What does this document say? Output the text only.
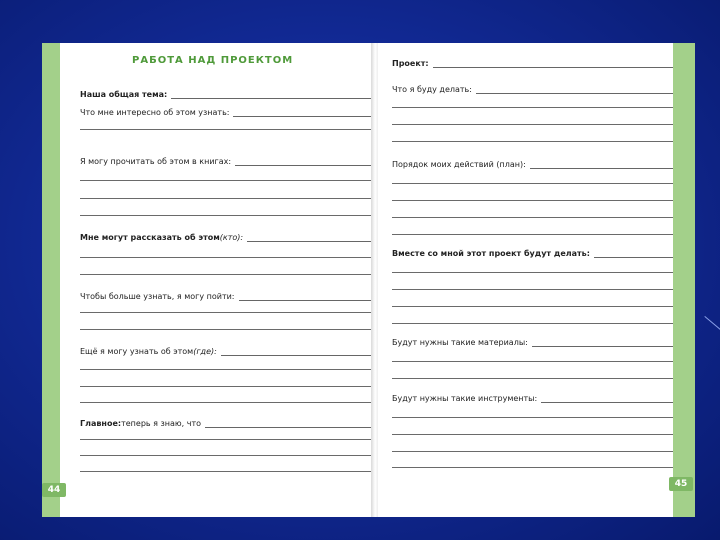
РАБОТА НАД ПРОЕКТОМ
Наша общая тема:
Что мне интересно об этом узнать:
Я могу прочитать об этом в книгах:
Мне могут рассказать об этом (кто):
Чтобы больше узнать, я могу пойти:
Ещё я могу узнать об этом (где):
Главное: теперь я знаю, что
Проект:
Что я буду делать:
Порядок моих действий (план):
Вместе со мной этот проект будут делать:
Будут нужны такие материалы:
Будут нужны такие инструменты:
44
45
